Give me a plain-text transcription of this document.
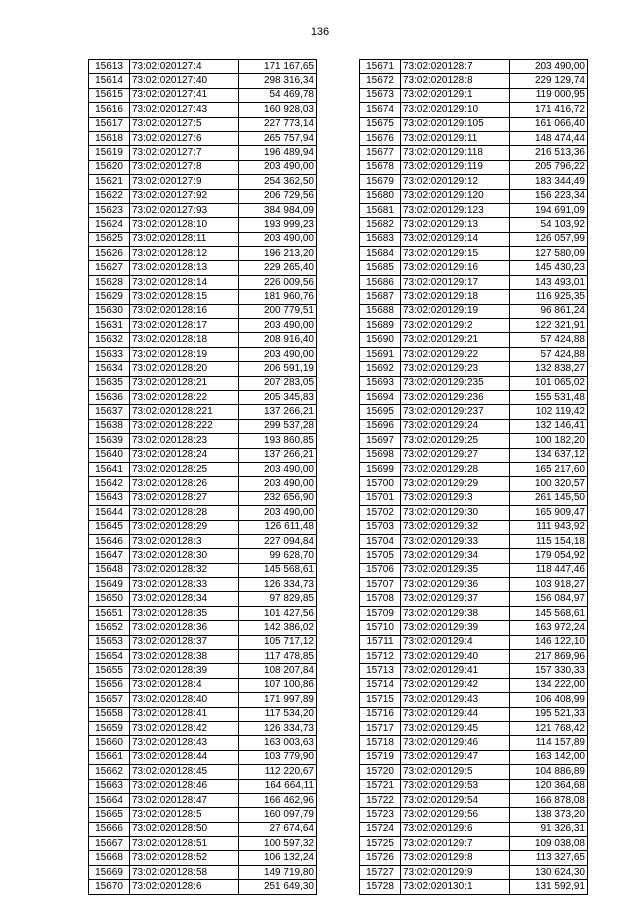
136
15613	73:02:020127:4	171 167,65
15614	73:02:020127:40	298 316,34
15615	73:02:020127:41	54 469,78
15616	73:02:020127:43	160 928,03
15617	73:02:020127:5	227 773,14
15618	73:02:020127:6	265 757,94
15619	73:02:020127:7	196 489,94
15620	73:02:020127:8	203 490,00
15621	73:02:020127:9	254 362,50
15622	73:02:020127:92	206 729,56
15623	73:02:020127:93	384 984,09
15624	73:02:020128:10	193 999,23
15625	73:02:020128:11	203 490,00
15626	73:02:020128:12	196 213,20
15627	73:02:020128:13	229 265,40
15628	73:02:020128:14	226 009,56
15629	73:02:020128:15	181 960,76
15630	73:02:020128:16	200 779,51
15631	73:02:020128:17	203 490,00
15632	73:02:020128:18	208 916,40
15633	73:02:020128:19	203 490,00
15634	73:02:020128:20	206 591,19
15635	73:02:020128:21	207 283,05
15636	73:02:020128:22	205 345,83
15637	73:02:020128:221	137 266,21
15638	73:02:020128:222	299 537,28
15639	73:02:020128:23	193 860,85
15640	73:02:020128:24	137 266,21
15641	73:02:020128:25	203 490,00
15642	73:02:020128:26	203 490,00
15643	73:02:020128:27	232 656,90
15644	73:02:020128:28	203 490,00
15645	73:02:020128:29	126 611,48
15646	73:02:020128:3	227 094,84
15647	73:02:020128:30	99 628,70
15648	73:02:020128:32	145 568,61
15649	73:02:020128:33	126 334,73
15650	73:02:020128:34	97 829,85
15651	73:02:020128:35	101 427,56
15652	73:02:020128:36	142 386,02
15653	73:02:020128:37	105 717,12
15654	73:02:020128:38	117 478,85
15655	73:02:020128:39	108 207,84
15656	73:02:020128:4	107 100,86
15657	73:02:020128:40	171 997,89
15658	73:02:020128:41	117 534,20
15659	73:02:020128:42	126 334,73
15660	73:02:020128:43	163 003,63
15661	73:02:020128:44	103 779,90
15662	73:02:020128:45	112 220,67
15663	73:02:020128:46	164 664,11
15664	73:02:020128:47	166 462,96
15665	73:02:020128:5	160 097,79
15666	73:02:020128:50	27 674,64
15667	73:02:020128:51	100 597,32
15668	73:02:020128:52	106 132,24
15669	73:02:020128:58	149 719,80
15670	73:02:020128:6	251 649,30
15671	73:02:020128:7	203 490,00
15672	73:02:020128:8	229 129,74
15673	73:02:020129:1	119 000,95
15674	73:02:020129:10	171 416,72
15675	73:02:020129:105	161 066,40
15676	73:02:020129:11	148 474,44
15677	73:02:020129:118	216 513,36
15678	73:02:020129:119	205 796,22
15679	73:02:020129:12	183 344,49
15680	73:02:020129:120	156 223,34
15681	73:02:020129:123	194 691,09
15682	73:02:020129:13	54 103,92
15683	73:02:020129:14	126 057,99
15684	73:02:020129:15	127 580,09
15685	73:02:020129:16	145 430,23
15686	73:02:020129:17	143 493,01
15687	73:02:020129:18	116 925,35
15688	73:02:020129:19	96 861,24
15689	73:02:020129:2	122 321,91
15690	73:02:020129:21	57 424,88
15691	73:02:020129:22	57 424,88
15692	73:02:020129:23	132 838,27
15693	73:02:020129:235	101 065,02
15694	73:02:020129:236	155 531,48
15695	73:02:020129:237	102 119,42
15696	73:02:020129:24	132 146,41
15697	73:02:020129:25	100 182,20
15698	73:02:020129:27	134 637,12
15699	73:02:020129:28	165 217,60
15700	73:02:020129:29	100 320,57
15701	73:02:020129:3	261 145,50
15702	73:02:020129:30	165 909,47
15703	73:02:020129:32	111 943,92
15704	73:02:020129:33	115 154,18
15705	73:02:020129:34	179 054,92
15706	73:02:020129:35	118 447,46
15707	73:02:020129:36	103 918,27
15708	73:02:020129:37	156 084,97
15709	73:02:020129:38	145 568,61
15710	73:02:020129:39	163 972,24
15711	73:02:020129:4	146 122,10
15712	73:02:020129:40	217 869,96
15713	73:02:020129:41	157 330,33
15714	73:02:020129:42	134 222,00
15715	73:02:020129:43	106 408,99
15716	73:02:020129:44	195 521,33
15717	73:02:020129:45	121 768,42
15718	73:02:020129:46	114 157,89
15719	73:02:020129:47	163 142,00
15720	73:02:020129:5	104 886,89
15721	73:02:020129:53	120 364,68
15722	73:02:020129:54	166 878,08
15723	73:02:020129:56	138 373,20
15724	73:02:020129:6	91 326,31
15725	73:02:020129:7	109 038,08
15726	73:02:020129:8	113 327,65
15727	73:02:020129:9	130 624,30
15728	73:02:020130:1	131 592,91
